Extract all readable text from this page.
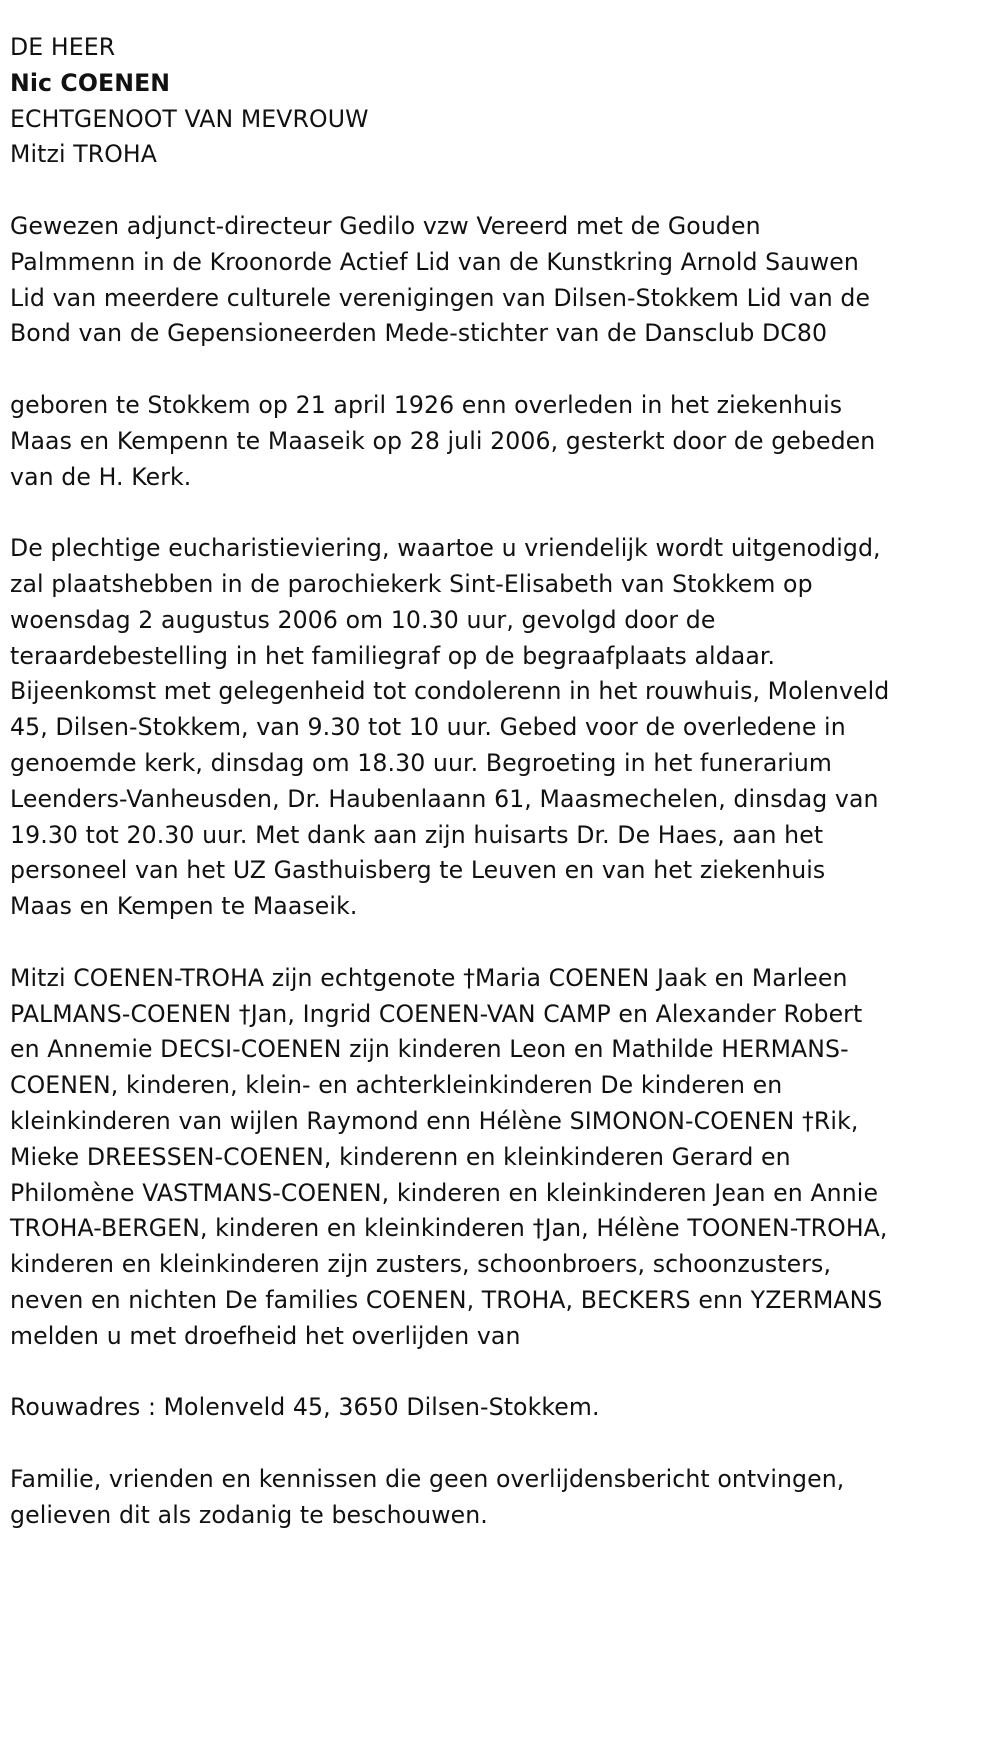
DE HEER
Nic COENEN
ECHTGENOOT VAN MEVROUW
Mitzi TROHA

Gewezen adjunct-directeur Gedilo vzw Vereerd met de Gouden Palmmenn in de Kroonorde Actief Lid van de Kunstkring Arnold Sauwen Lid van meerdere culturele verenigingen van Dilsen-Stokkem Lid van de Bond van de Gepensioneerden Mede-stichter van de Dansclub DC80

geboren te Stokkem op 21 april 1926 enn overleden in het ziekenhuis Maas en Kempenn te Maaseik op 28 juli 2006, gesterkt door de gebeden van de H. Kerk.

De plechtige eucharistieviering, waartoe u vriendelijk wordt uitgenodigd, zal plaatshebben in de parochiekerk Sint-Elisabeth van Stokkem op woensdag 2 augustus 2006 om 10.30 uur, gevolgd door de teraardebestelling in het familiegraf op de begraafplaats aldaar. Bijeenkomst met gelegenheid tot condolerenn in het rouwhuis, Molenveld 45, Dilsen-Stokkem, van 9.30 tot 10 uur. Gebed voor de overledene in genoemde kerk, dinsdag om 18.30 uur. Begroeting in het funerarium Leenders-Vanheusden, Dr. Haubenlaann 61, Maasmechelen, dinsdag van 19.30 tot 20.30 uur. Met dank aan zijn huisarts Dr. De Haes, aan het personeel van het UZ Gasthuisberg te Leuven en van het ziekenhuis Maas en Kempen te Maaseik.

Mitzi COENEN-TROHA zijn echtgenote †Maria COENEN Jaak en Marleen PALMANS-COENEN †Jan, Ingrid COENEN-VAN CAMP en Alexander Robert en Annemie DECSI-COENEN zijn kinderen Leon en Mathilde HERMANS-COENEN, kinderen, klein- en achterkleinkinderen De kinderen en kleinkinderen van wijlen Raymond enn Hélène SIMONON-COENEN †Rik, Mieke DREESSEN-COENEN, kinderenn en kleinkinderen Gerard en Philomène VASTMANS-COENEN, kinderen en kleinkinderen Jean en Annie TROHA-BERGEN, kinderen en kleinkinderen †Jan, Hélène TOONEN-TROHA, kinderen en kleinkinderen zijn zusters, schoonbroers, schoonzusters, neven en nichten De families COENEN, TROHA, BECKERS enn YZERMANS melden u met droefheid het overlijden van

Rouwadres : Molenveld 45, 3650 Dilsen-Stokkem.

Familie, vrienden en kennissen die geen overlijdensbericht ontvingen, gelieven dit als zodanig te beschouwen.
